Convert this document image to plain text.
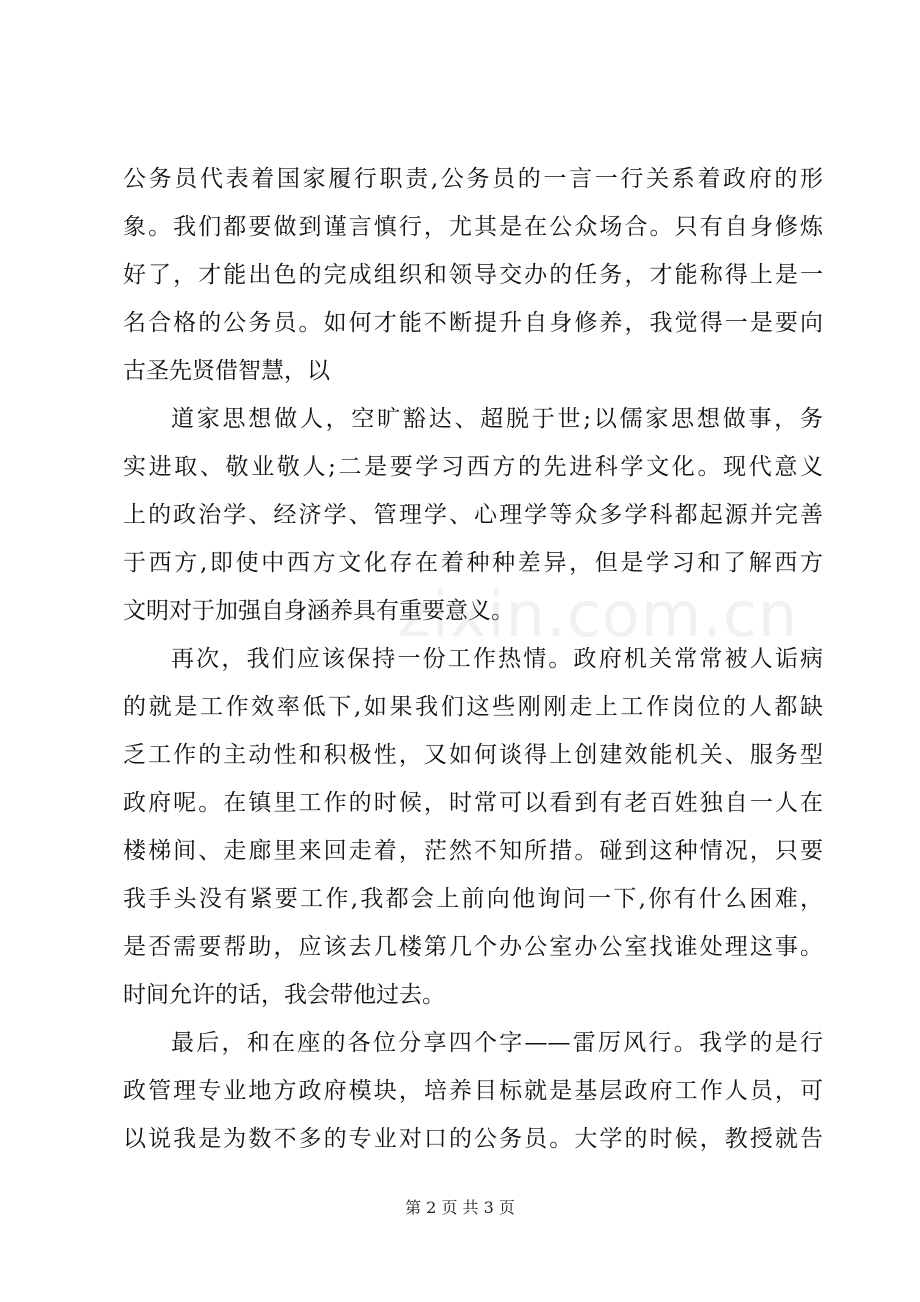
公务员代表着国家履行职责,公务员的一言一行关系着政府的形
象。我们都要做到谨言慎行，尤其是在公众场合。只有自身修炼
好了，才能出色的完成组织和领导交办的任务，才能称得上是一
名合格的公务员。如何才能不断提升自身修养，我觉得一是要向
古圣先贤借智慧，以
道家思想做人，空旷豁达、超脱于世;以儒家思想做事，务
实进取、敬业敬人;二是要学习西方的先进科学文化。现代意义
上的政治学、经济学、管理学、心理学等众多学科都起源并完善
于西方,即使中西方文化存在着种种差异，但是学习和了解西方
文明对于加强自身涵养具有重要意义。
再次，我们应该保持一份工作热情。政府机关常常被人诟病
的就是工作效率低下,如果我们这些刚刚走上工作岗位的人都缺
乏工作的主动性和积极性，又如何谈得上创建效能机关、服务型
政府呢。在镇里工作的时候，时常可以看到有老百姓独自一人在
楼梯间、走廊里来回走着，茫然不知所措。碰到这种情况，只要
我手头没有紧要工作,我都会上前向他询问一下,你有什么困难，
是否需要帮助，应该去几楼第几个办公室办公室找谁处理这事。
时间允许的话，我会带他过去。
最后，和在座的各位分享四个字——雷厉风行。我学的是行
政管理专业地方政府模块，培养目标就是基层政府工作人员，可
以说我是为数不多的专业对口的公务员。大学的时候，教授就告
zixin.com.cn
第 2 页 共 3 页
